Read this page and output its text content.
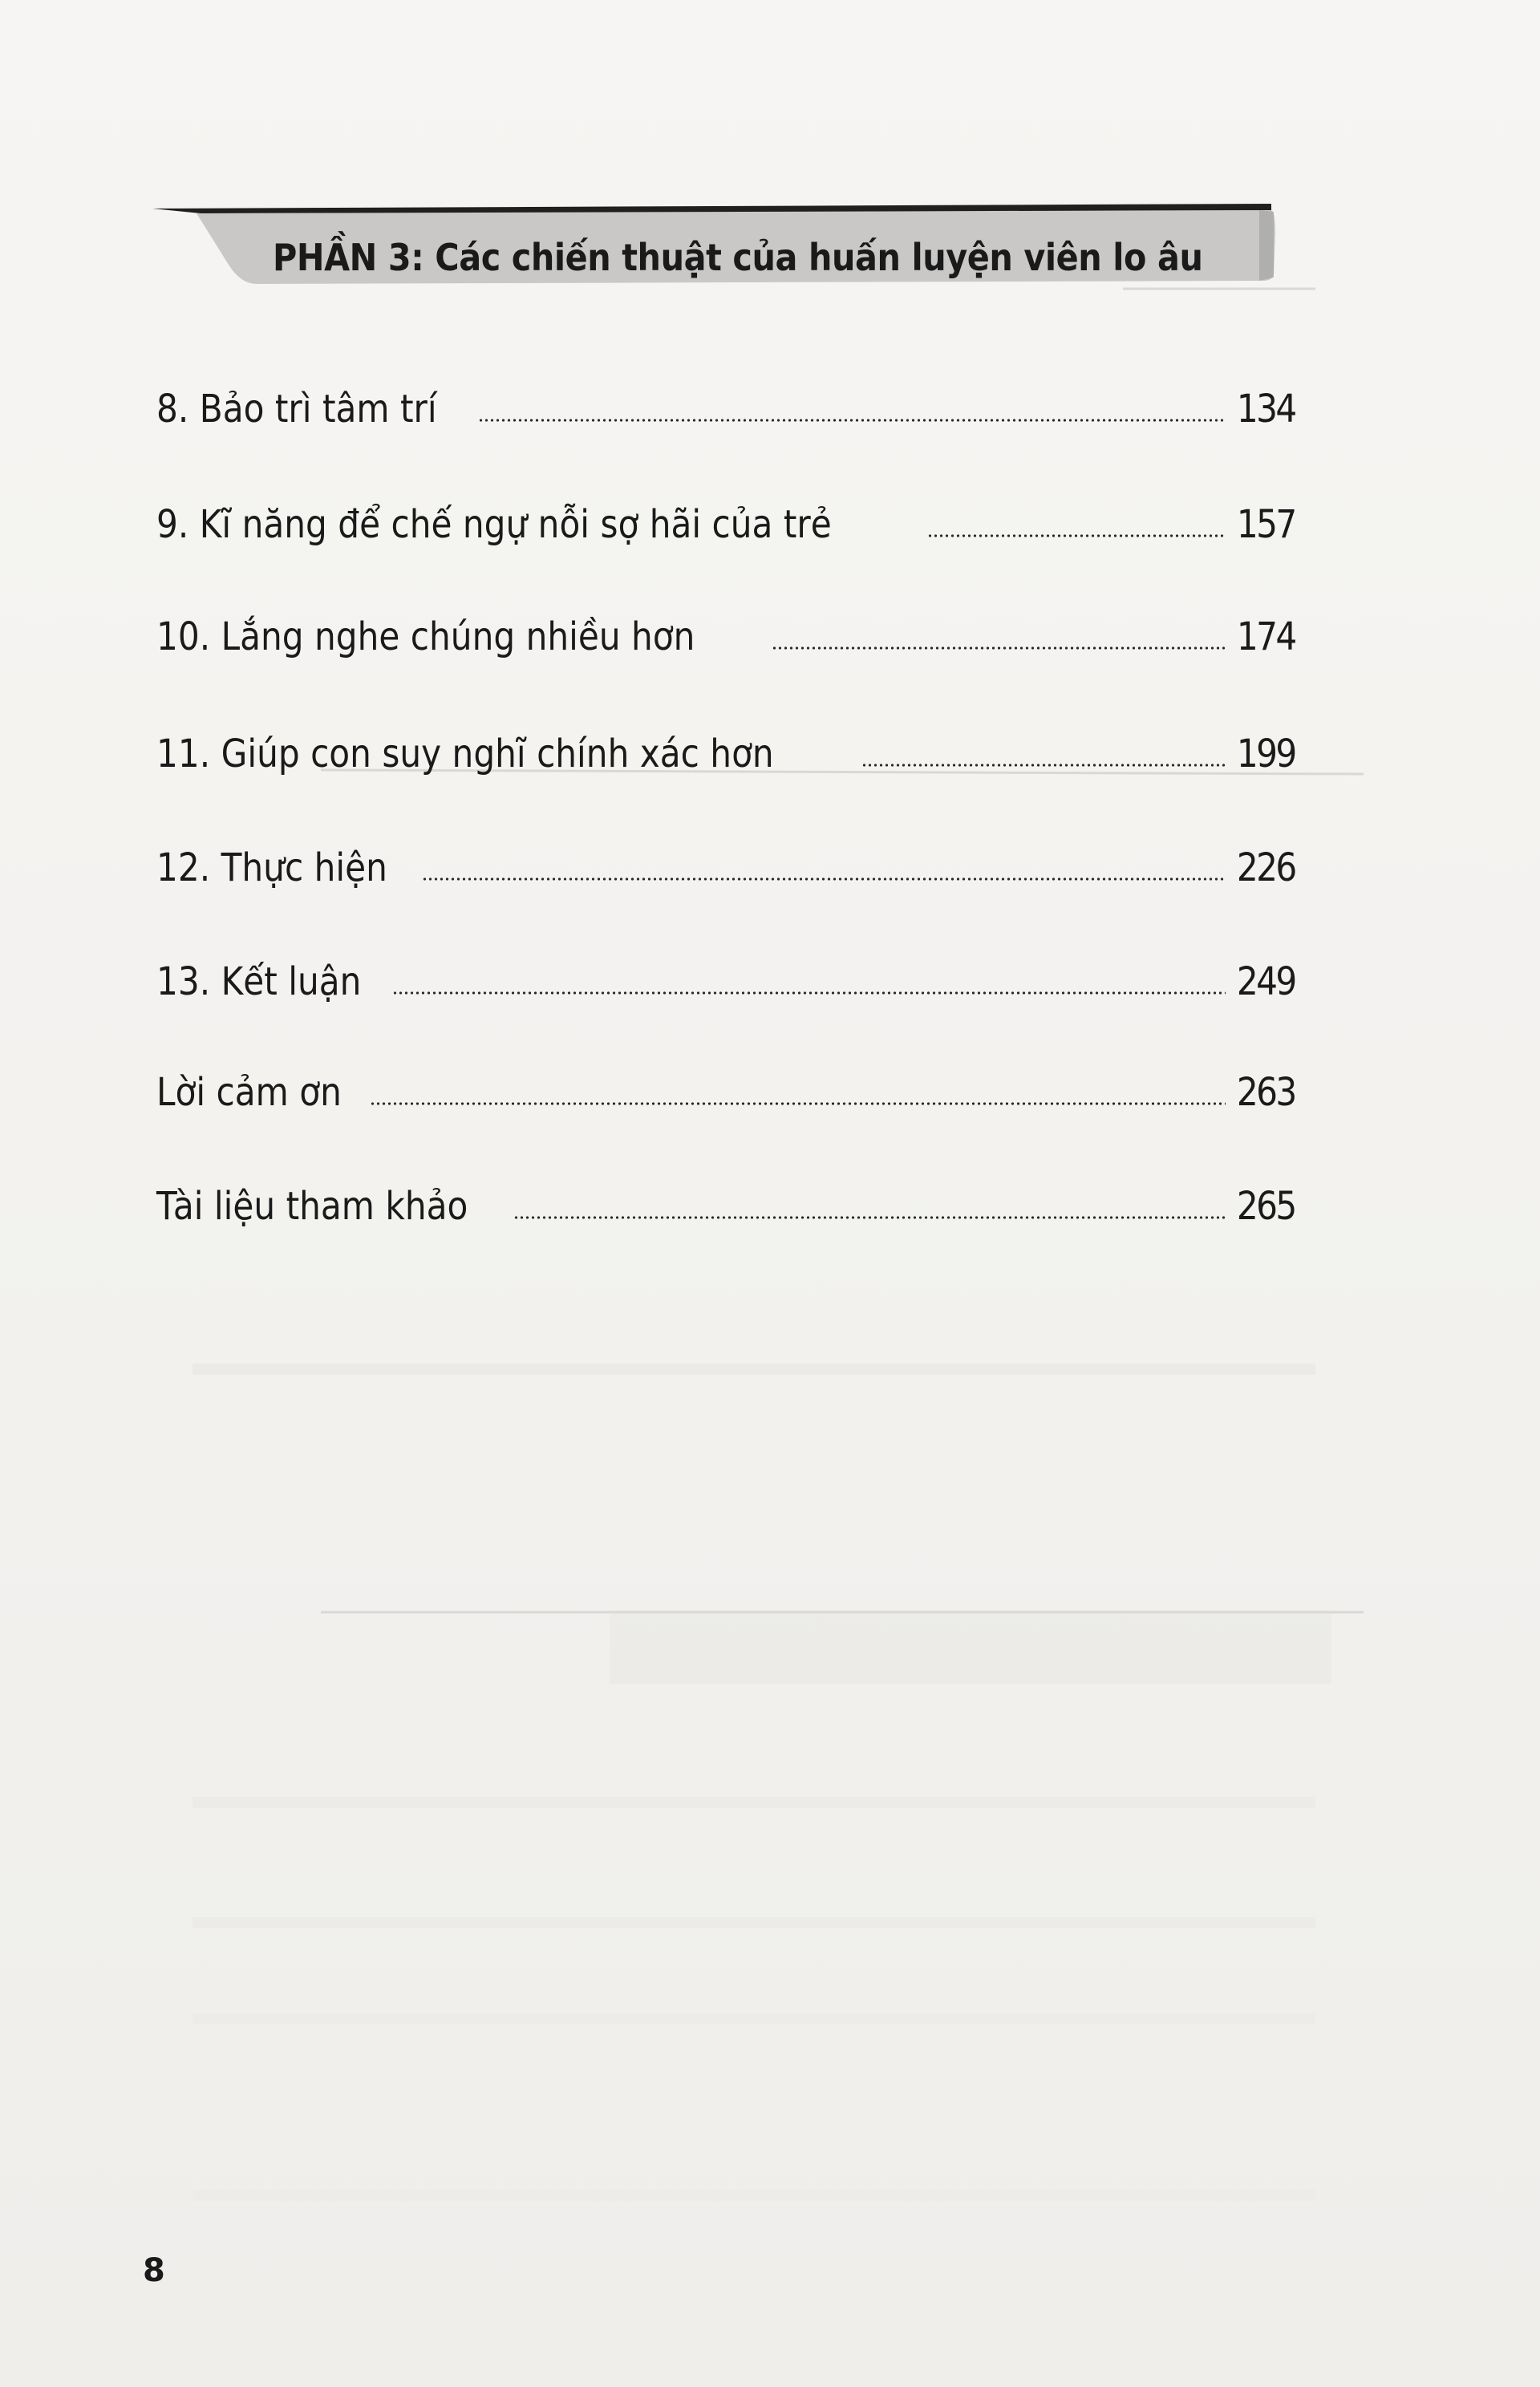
PHẦN 3: Các chiến thuật của huấn luyện viên lo âu
8. Bảo trì tâm trí	134
9. Kĩ năng để chế ngự nỗi sợ hãi của trẻ	157
10. Lắng nghe chúng nhiều hơn	174
11. Giúp con suy nghĩ chính xác hơn	199
12. Thực hiện	226
13. Kết luận	249
Lời cảm ơn	263
Tài liệu tham khảo	265
8
